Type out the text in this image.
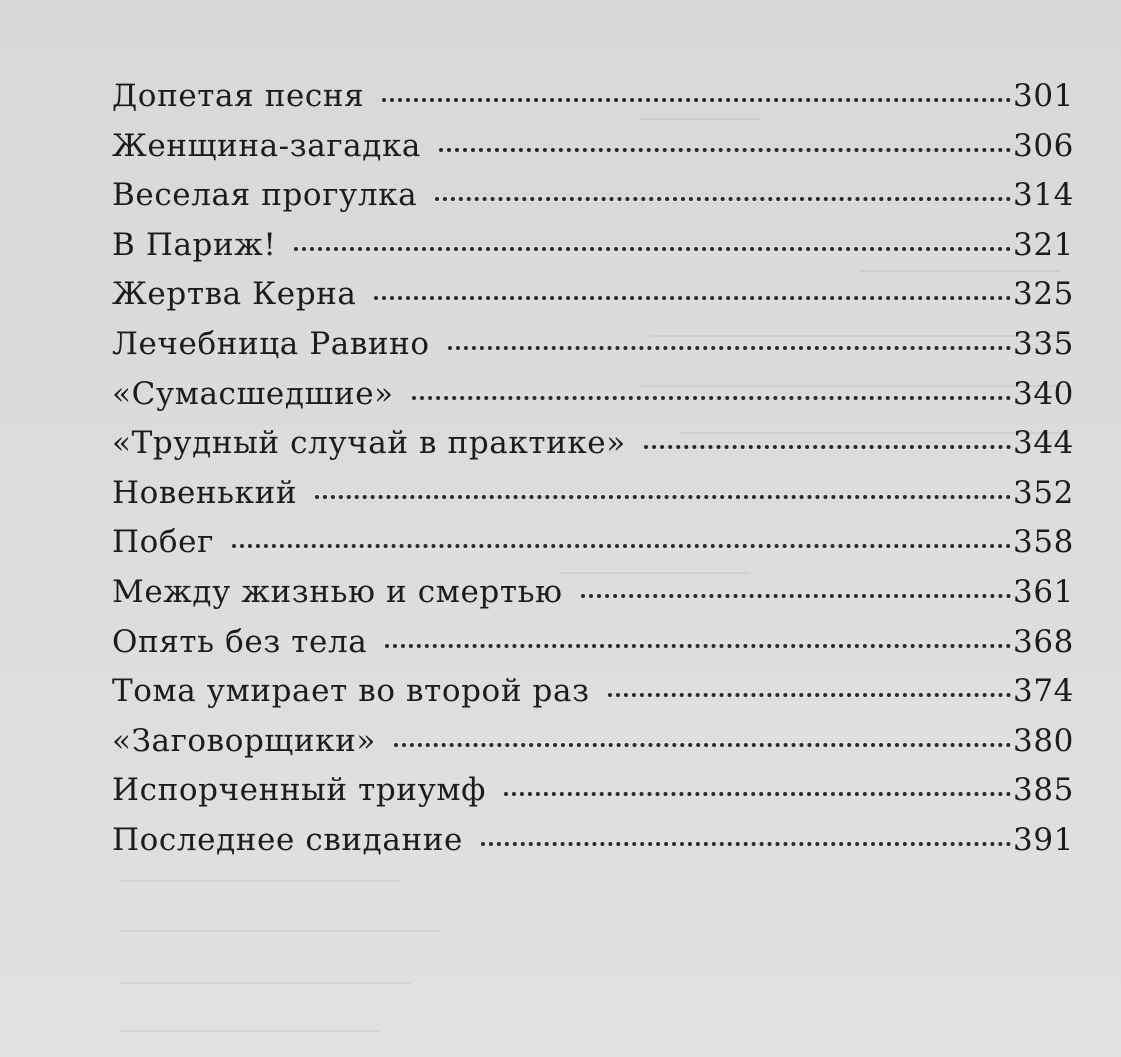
Допетая песня	301
Женщина-загадка	306
Веселая прогулка	314
В Париж!	321
Жертва Керна	325
Лечебница Равино	335
«Сумасшедшие»	340
«Трудный случай в практике»	344
Новенький	352
Побег	358
Между жизнью и смертью	361
Опять без тела	368
Тома умирает во второй раз	374
«Заговорщики»	380
Испорченный триумф	385
Последнее свидание	391
